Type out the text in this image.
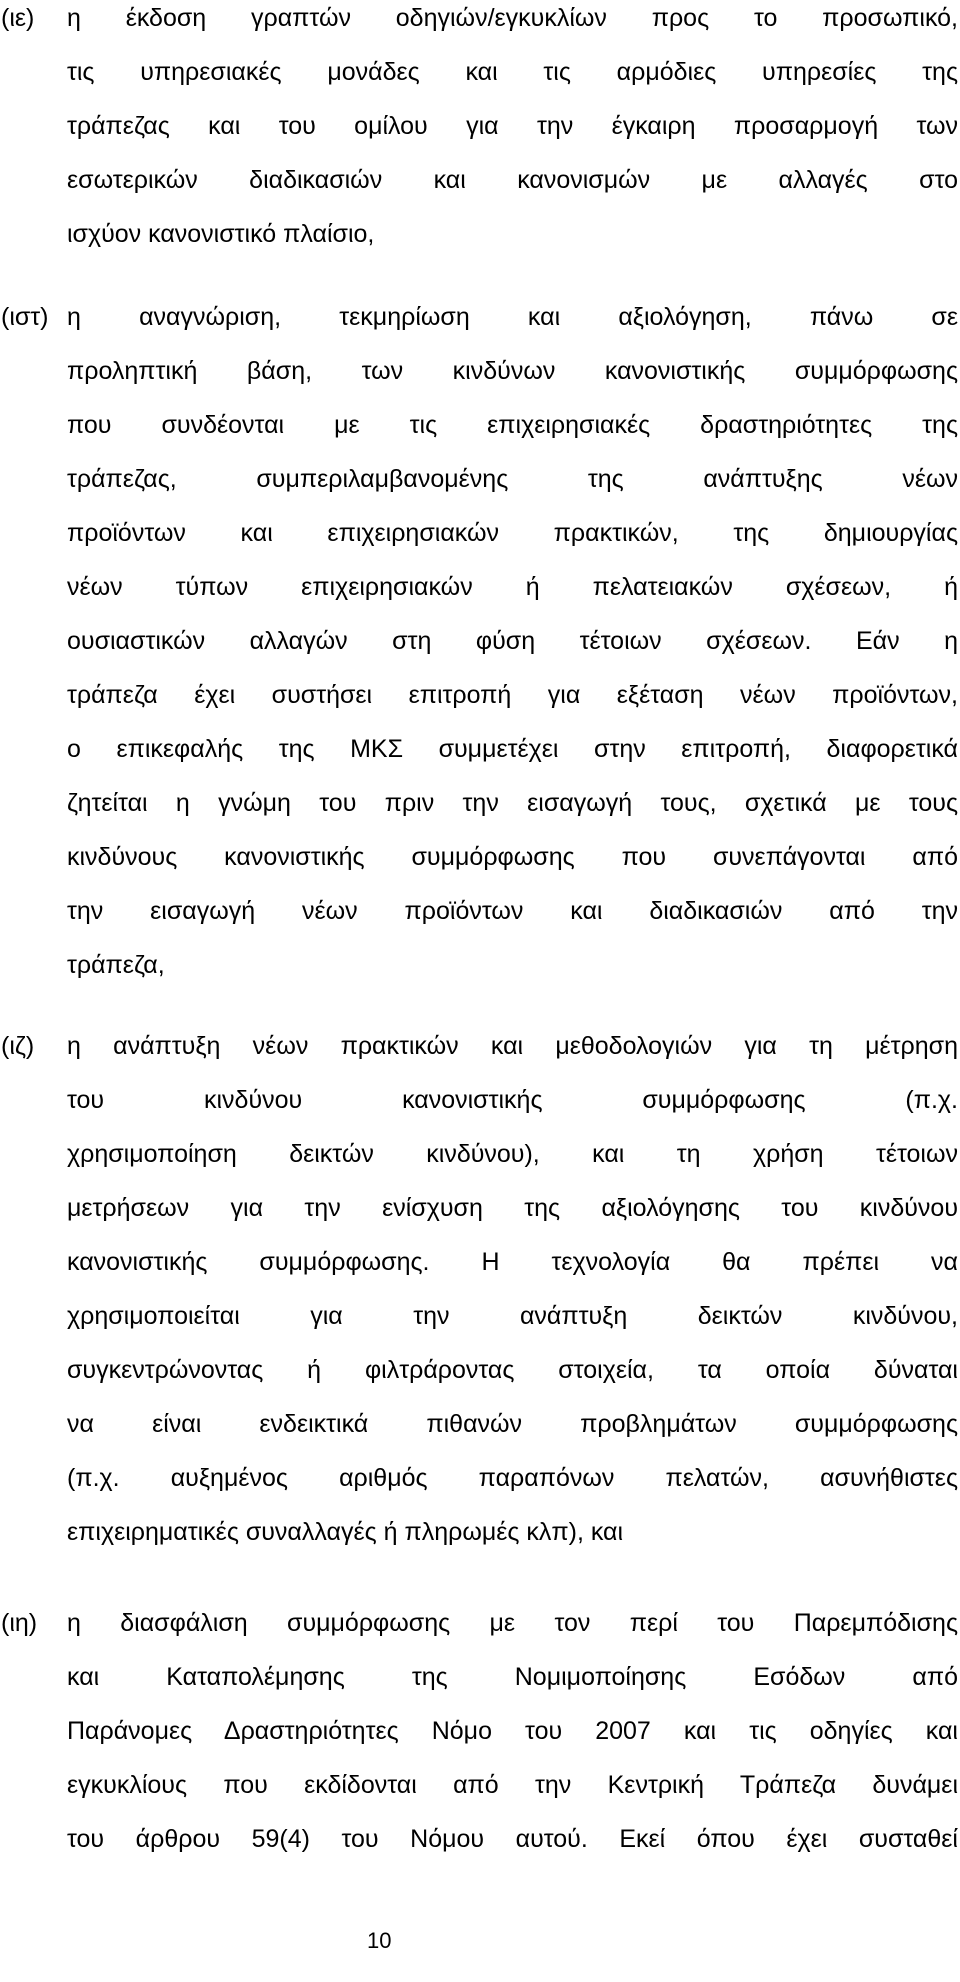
(ιε) η έκδοση γραπτών οδηγιών/εγκυκλίων προς το προσωπικό,
τις υπηρεσιακές μονάδες και τις αρμόδιες υπηρεσίες της
τράπεζας και του ομίλου για την έγκαιρη προσαρμογή των
εσωτερικών διαδικασιών και κανονισμών με αλλαγές στο
ισχύον κανονιστικό πλαίσιο,
(ιστ) η αναγνώριση, τεκμηρίωση και αξιολόγηση, πάνω σε
προληπτική βάση, των κινδύνων κανονιστικής συμμόρφωσης
που συνδέονται με τις επιχειρησιακές δραστηριότητες της
τράπεζας, συμπεριλαμβανομένης της ανάπτυξης νέων
προϊόντων και επιχειρησιακών πρακτικών, της δημιουργίας
νέων τύπων επιχειρησιακών ή πελατειακών σχέσεων, ή
ουσιαστικών αλλαγών στη φύση τέτοιων σχέσεων. Εάν η
τράπεζα έχει συστήσει επιτροπή για εξέταση νέων προϊόντων,
ο επικεφαλής της ΜΚΣ συμμετέχει στην επιτροπή, διαφορετικά
ζητείται η γνώμη του πριν την εισαγωγή τους, σχετικά με τους
κινδύνους κανονιστικής συμμόρφωσης που συνεπάγονται από
την εισαγωγή νέων προϊόντων και διαδικασιών από την
τράπεζα,
(ιζ) η ανάπτυξη νέων πρακτικών και μεθοδολογιών για τη μέτρηση
του κινδύνου κανονιστικής συμμόρφωσης (π.χ.
χρησιμοποίηση δεικτών κινδύνου), και τη χρήση τέτοιων
μετρήσεων για την ενίσχυση της αξιολόγησης του κινδύνου
κανονιστικής συμμόρφωσης. Η τεχνολογία θα πρέπει να
χρησιμοποιείται για την ανάπτυξη δεικτών κινδύνου,
συγκεντρώνοντας ή φιλτράροντας στοιχεία, τα οποία δύναται
να είναι ενδεικτικά πιθανών προβλημάτων συμμόρφωσης
(π.χ. αυξημένος αριθμός παραπόνων πελατών, ασυνήθιστες
επιχειρηματικές συναλλαγές ή πληρωμές κλπ), και
(ιη) η διασφάλιση συμμόρφωσης με τον περί του Παρεμπόδισης
και Καταπολέμησης της Νομιμοποίησης Εσόδων από
Παράνομες Δραστηριότητες Νόμο του 2007 και τις οδηγίες και
εγκυκλίους που εκδίδονται από την Κεντρική Τράπεζα δυνάμει
του άρθρου 59(4) του Νόμου αυτού. Εκεί όπου έχει συσταθεί
10
